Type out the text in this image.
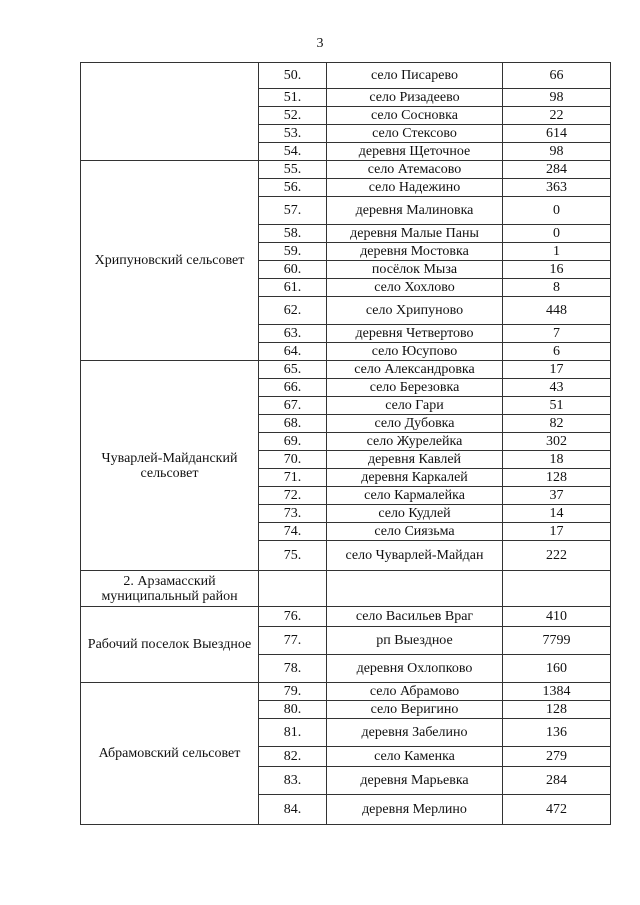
3
	50.	село Писарево	66
	51.	село Ризадеево	98
	52.	село Сосновка	22
	53.	село Стексово	614
	54.	деревня Щеточное	98
Хрипуновский сельсовет	55.	село Атемасово	284
	56.	село Надежино	363
	57.	деревня Малиновка	0
	58.	деревня Малые Паны	0
	59.	деревня Мостовка	1
	60.	посёлок Мыза	16
	61.	село Хохлово	8
	62.	село Хрипуново	448
	63.	деревня Четвертово	7
	64.	село Юсупово	6
Чуварлей-Майданский сельсовет	65.	село Александровка	17
	66.	село Березовка	43
	67.	село Гари	51
	68.	село Дубовка	82
	69.	село Журелейка	302
	70.	деревня Кавлей	18
	71.	деревня Каркалей	128
	72.	село Кармалейка	37
	73.	село Кудлей	14
	74.	село Сиязьма	17
	75.	село Чуварлей-Майдан	222
2. Арзамасский муниципальный район			
Рабочий поселок Выездное	76.	село Васильев Враг	410
	77.	рп Выездное	7799
	78.	деревня Охлопково	160
Абрамовский сельсовет	79.	село Абрамово	1384
	80.	село Веригино	128
	81.	деревня Забелино	136
	82.	село Каменка	279
	83.	деревня Марьевка	284
	84.	деревня Мерлино	472
